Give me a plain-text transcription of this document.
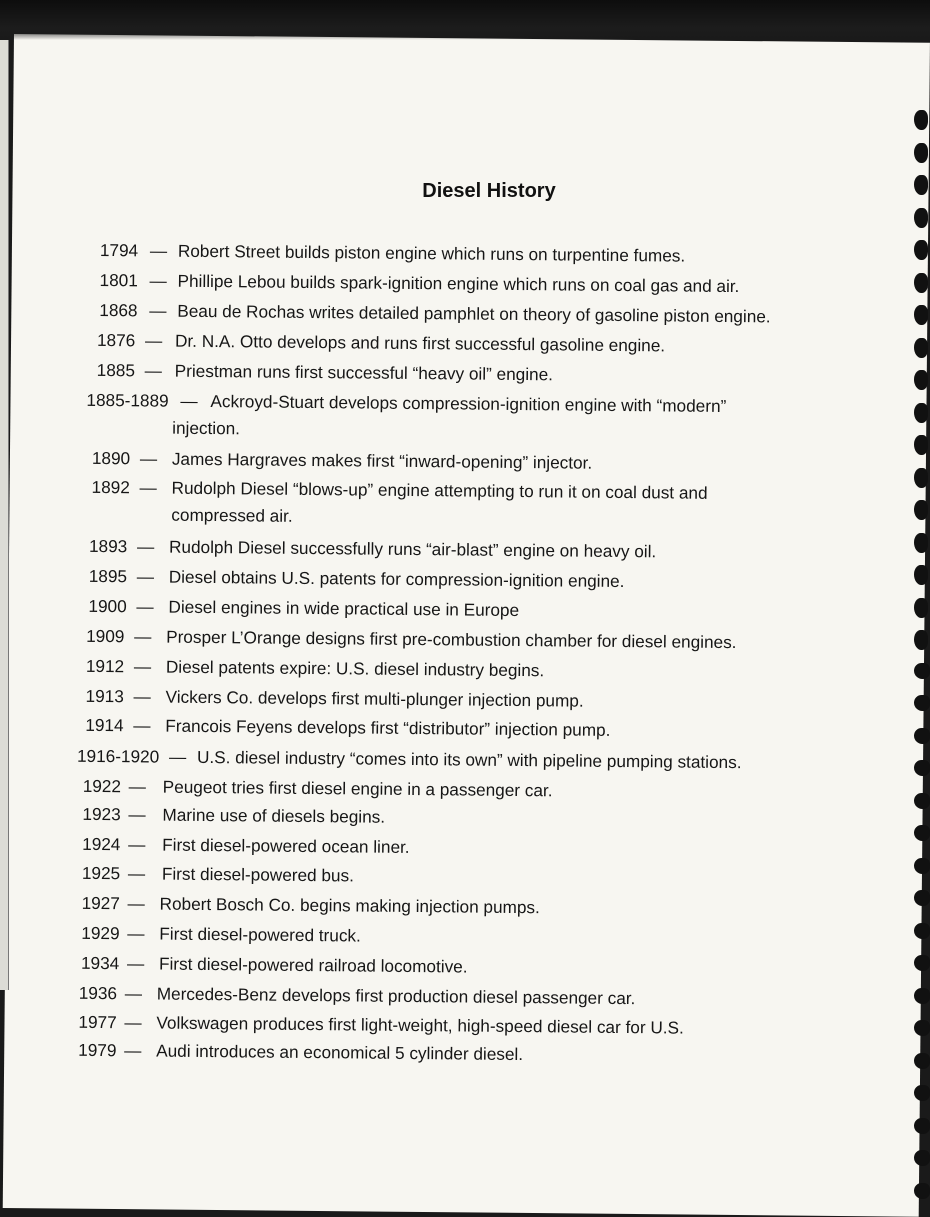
Diesel History
1794 — Robert Street builds piston engine which runs on turpentine fumes.
1801 — Phillipe Lebou builds spark-ignition engine which runs on coal gas and air.
1868 — Beau de Rochas writes detailed pamphlet on theory of gasoline piston engine.
1876 — Dr. N.A. Otto develops and runs first successful gasoline engine.
1885 — Priestman runs first successful “heavy oil” engine.
1885-1889 — Ackroyd-Stuart develops compression-ignition engine with “modern”
injection.
1890 — James Hargraves makes first “inward-opening” injector.
1892 — Rudolph Diesel “blows-up” engine attempting to run it on coal dust and
compressed air.
1893 — Rudolph Diesel successfully runs “air-blast” engine on heavy oil.
1895 — Diesel obtains U.S. patents for compression-ignition engine.
1900 — Diesel engines in wide practical use in Europe
1909 — Prosper L’Orange designs first pre-combustion chamber for diesel engines.
1912 — Diesel patents expire: U.S. diesel industry begins.
1913 — Vickers Co. develops first multi-plunger injection pump.
1914 — Francois Feyens develops first “distributor” injection pump.
1916-1920 — U.S. diesel industry “comes into its own” with pipeline pumping stations.
1922 — Peugeot tries first diesel engine in a passenger car.
1923 — Marine use of diesels begins.
1924 — First diesel-powered ocean liner.
1925 — First diesel-powered bus.
1927 — Robert Bosch Co. begins making injection pumps.
1929 — First diesel-powered truck.
1934 — First diesel-powered railroad locomotive.
1936 — Mercedes-Benz develops first production diesel passenger car.
1977 — Volkswagen produces first light-weight, high-speed diesel car for U.S.
1979 — Audi introduces an economical 5 cylinder diesel.
